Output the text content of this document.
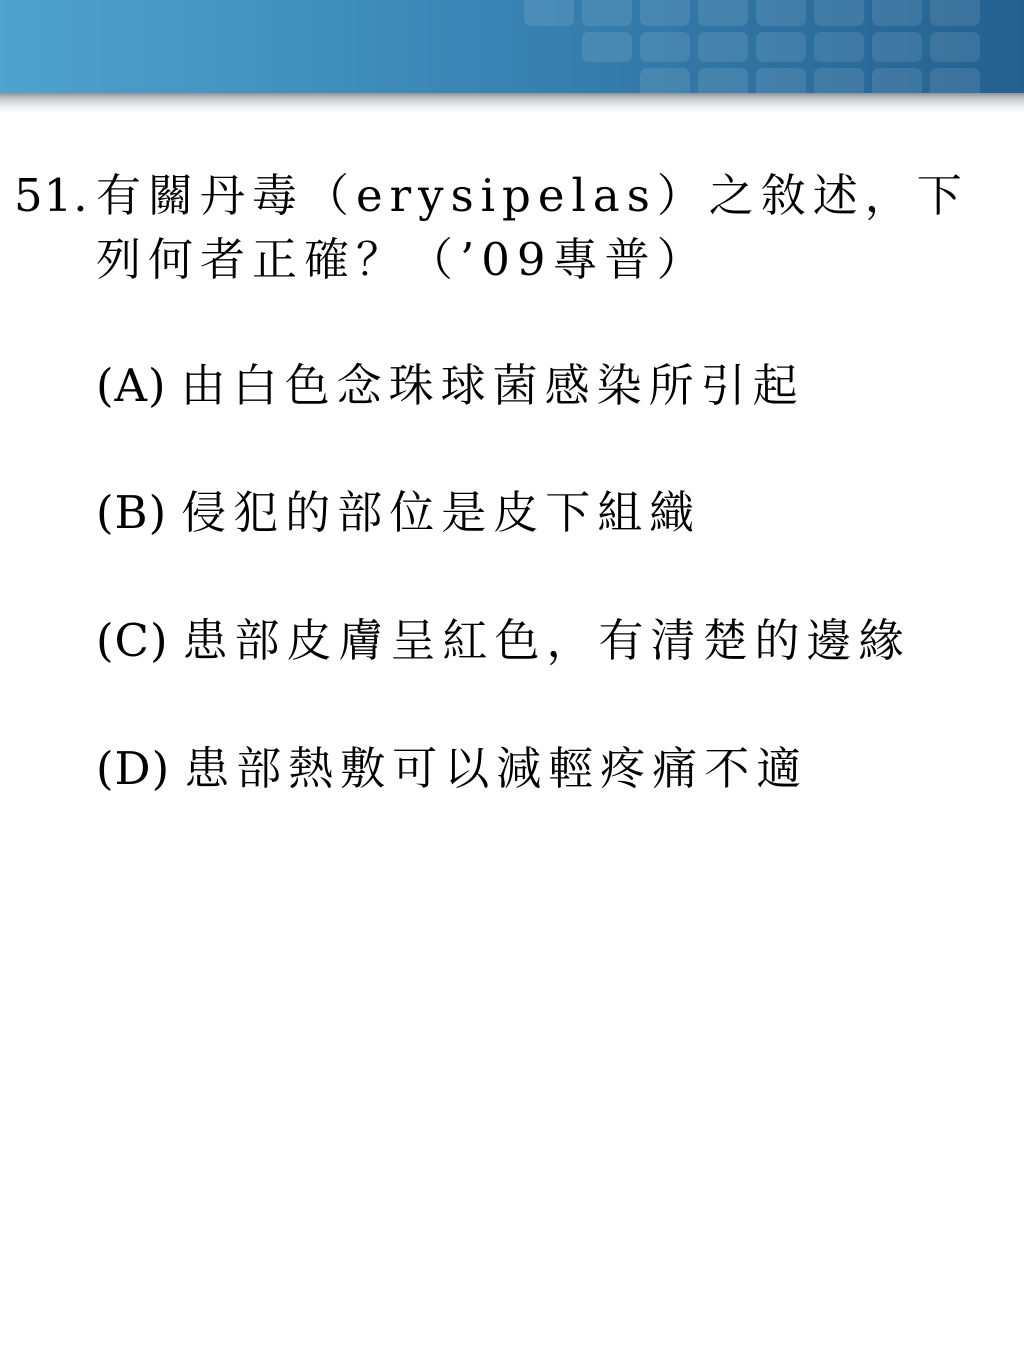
51. 有關丹毒（erysipelas）之敘述，下列何者正確？（’09專普）
(A) 由白色念珠球菌感染所引起
(B) 侵犯的部位是皮下組織
(C) 患部皮膚呈紅色，有清楚的邊緣
(D) 患部熱敷可以減輕疼痛不適
